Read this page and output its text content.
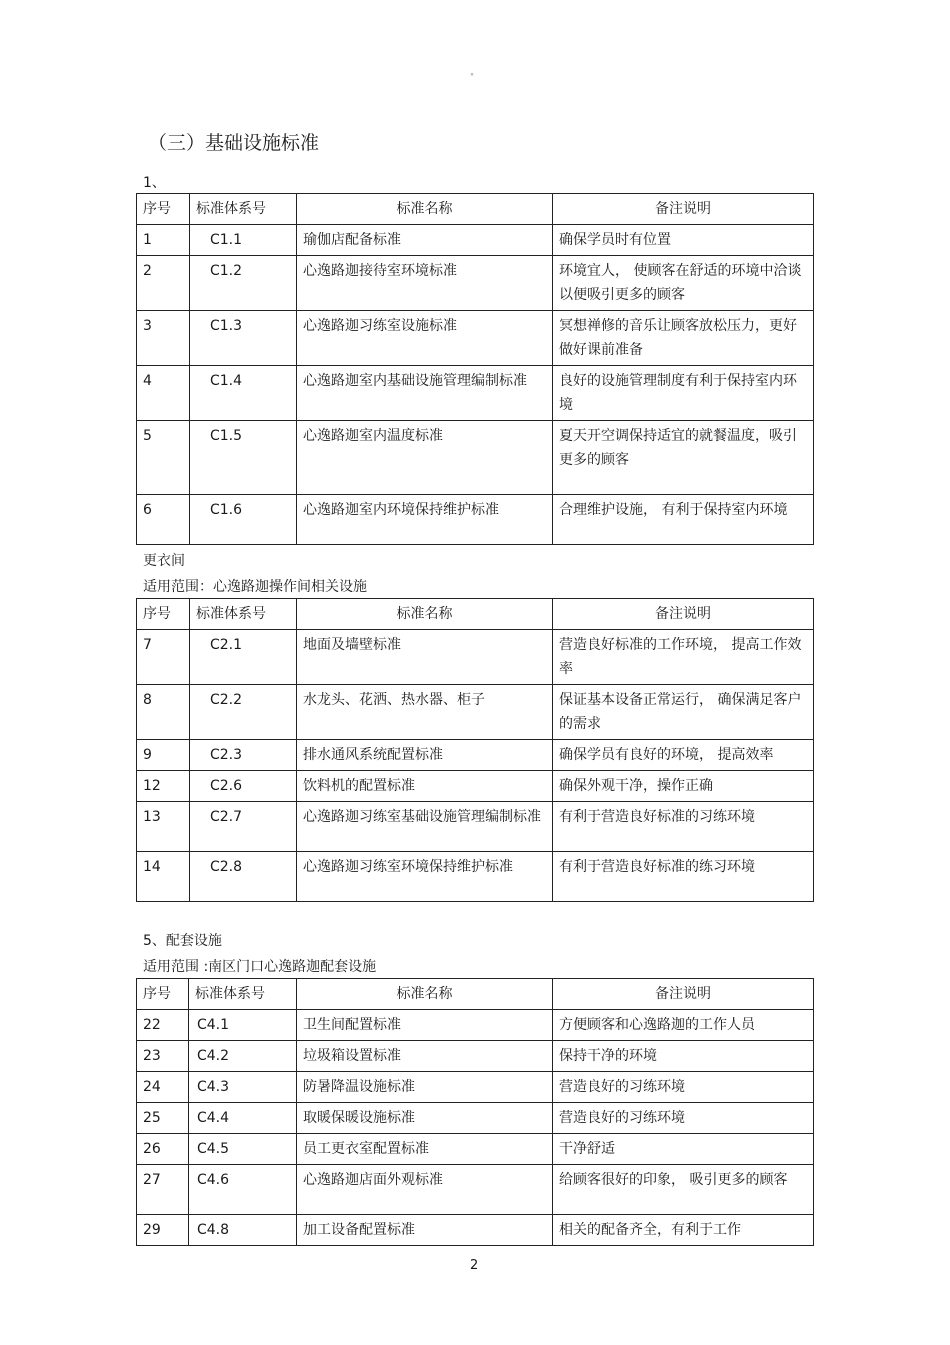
°
（三）基础设施标准
1、
序号	标准体系号	标准名称	备注说明
1	C1.1	瑜伽店配备标准	确保学员时有位置
2	C1.2	心逸路迦接待室环境标准	环境宜人， 使顾客在舒适的环境中洽谈以便吸引更多的顾客
3	C1.3	心逸路迦习练室设施标准	冥想禅修的音乐让顾客放松压力，更好做好课前准备
4	C1.4	心逸路迦室内基础设施管理编制标准	良好的设施管理制度有利于保持室内环境
5	C1.5	心逸路迦室内温度标准	夏天开空调保持适宜的就餐温度，吸引更多的顾客
6	C1.6	心逸路迦室内环境保持维护标准	合理维护设施， 有利于保持室内环境
更衣间
适用范围：心逸路迦操作间相关设施
序号	标准体系号	标准名称	备注说明
7	C2.1	地面及墙壁标准	营造良好标准的工作环境， 提高工作效率
8	C2.2	水龙头、花洒、热水器、柜子	保证基本设备正常运行， 确保满足客户的需求
9	C2.3	排水通风系统配置标准	确保学员有良好的环境， 提高效率
12	C2.6	饮料机的配置标准	确保外观干净，操作正确
13	C2.7	心逸路迦习练室基础设施管理编制标准	有利于营造良好标准的习练环境
14	C2.8	心逸路迦习练室环境保持维护标准	有利于营造良好标准的练习环境
5、配套设施
适用范围 :南区门口心逸路迦配套设施
序号	标准体系号	标准名称	备注说明
22	C4.1	卫生间配置标准	方便顾客和心逸路迦的工作人员
23	C4.2	垃圾箱设置标准	保持干净的环境
24	C4.3	防暑降温设施标准	营造良好的习练环境
25	C4.4	取暖保暖设施标准	营造良好的习练环境
26	C4.5	员工更衣室配置标准	干净舒适
27	C4.6	心逸路迦店面外观标准	给顾客很好的印象， 吸引更多的顾客
29	C4.8	加工设备配置标准	相关的配备齐全，有利于工作
2
